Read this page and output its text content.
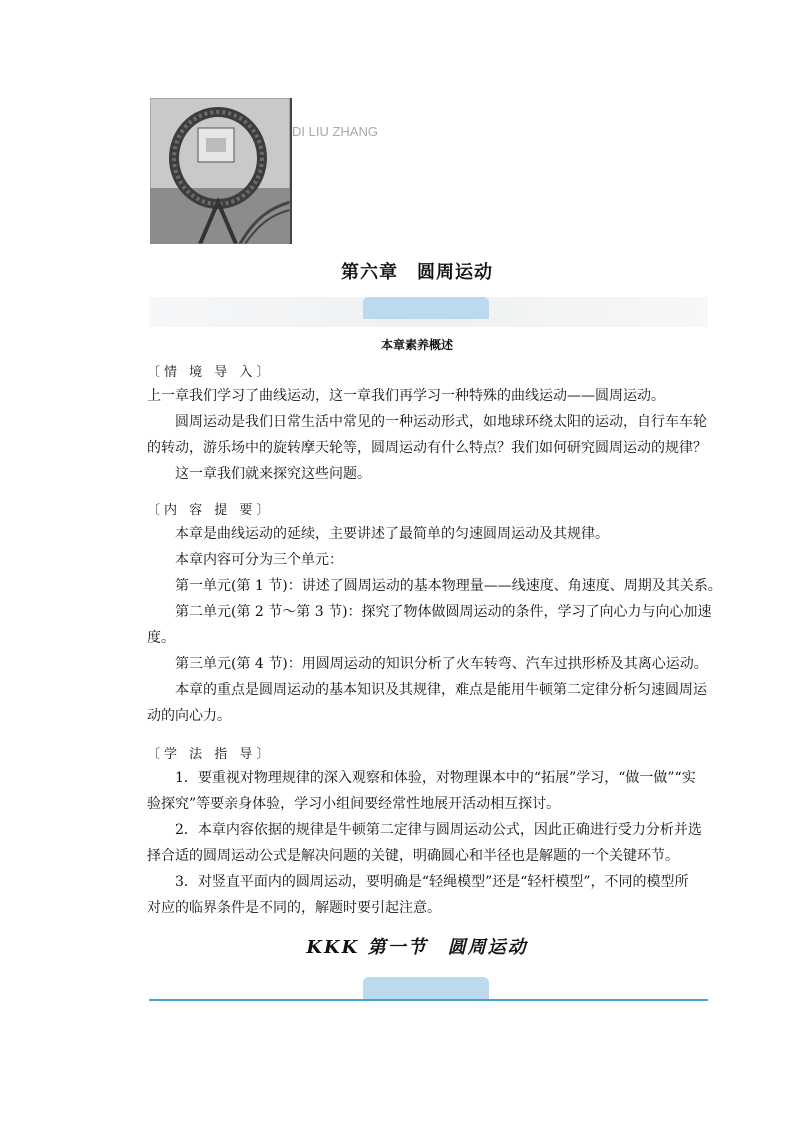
DI LIU ZHANG
第六章　圆周运动
本章素养概述
〔情 境 导 入〕
上一章我们学习了曲线运动，这一章我们再学习一种特殊的曲线运动——圆周运动。
圆周运动是我们日常生活中常见的一种运动形式，如地球环绕太阳的运动，自行车车轮
的转动，游乐场中的旋转摩天轮等，圆周运动有什么特点？我们如何研究圆周运动的规律？
这一章我们就来探究这些问题。
〔内 容 提 要〕
本章是曲线运动的延续，主要讲述了最简单的匀速圆周运动及其规律。
本章内容可分为三个单元：
第一单元(第 1 节)：讲述了圆周运动的基本物理量——线速度、角速度、周期及其关系。
第二单元(第 2 节～第 3 节)：探究了物体做圆周运动的条件，学习了向心力与向心加速
度。
第三单元(第 4 节)：用圆周运动的知识分析了火车转弯、汽车过拱形桥及其离心运动。
本章的重点是圆周运动的基本知识及其规律，难点是能用牛顿第二定律分析匀速圆周运
动的向心力。
〔学 法 指 导〕
1．要重视对物理规律的深入观察和体验，对物理课本中的“拓展”学习，“做一做”“实
验探究”等要亲身体验，学习小组间要经常性地展开活动相互探讨。
2．本章内容依据的规律是牛顿第二定律与圆周运动公式，因此正确进行受力分析并选
择合适的圆周运动公式是解决问题的关键，明确圆心和半径也是解题的一个关键环节。
3．对竖直平面内的圆周运动，要明确是“轻绳模型”还是“轻杆模型”，不同的模型所
对应的临界条件是不同的，解题时要引起注意。
KKK 第一节　圆周运动
